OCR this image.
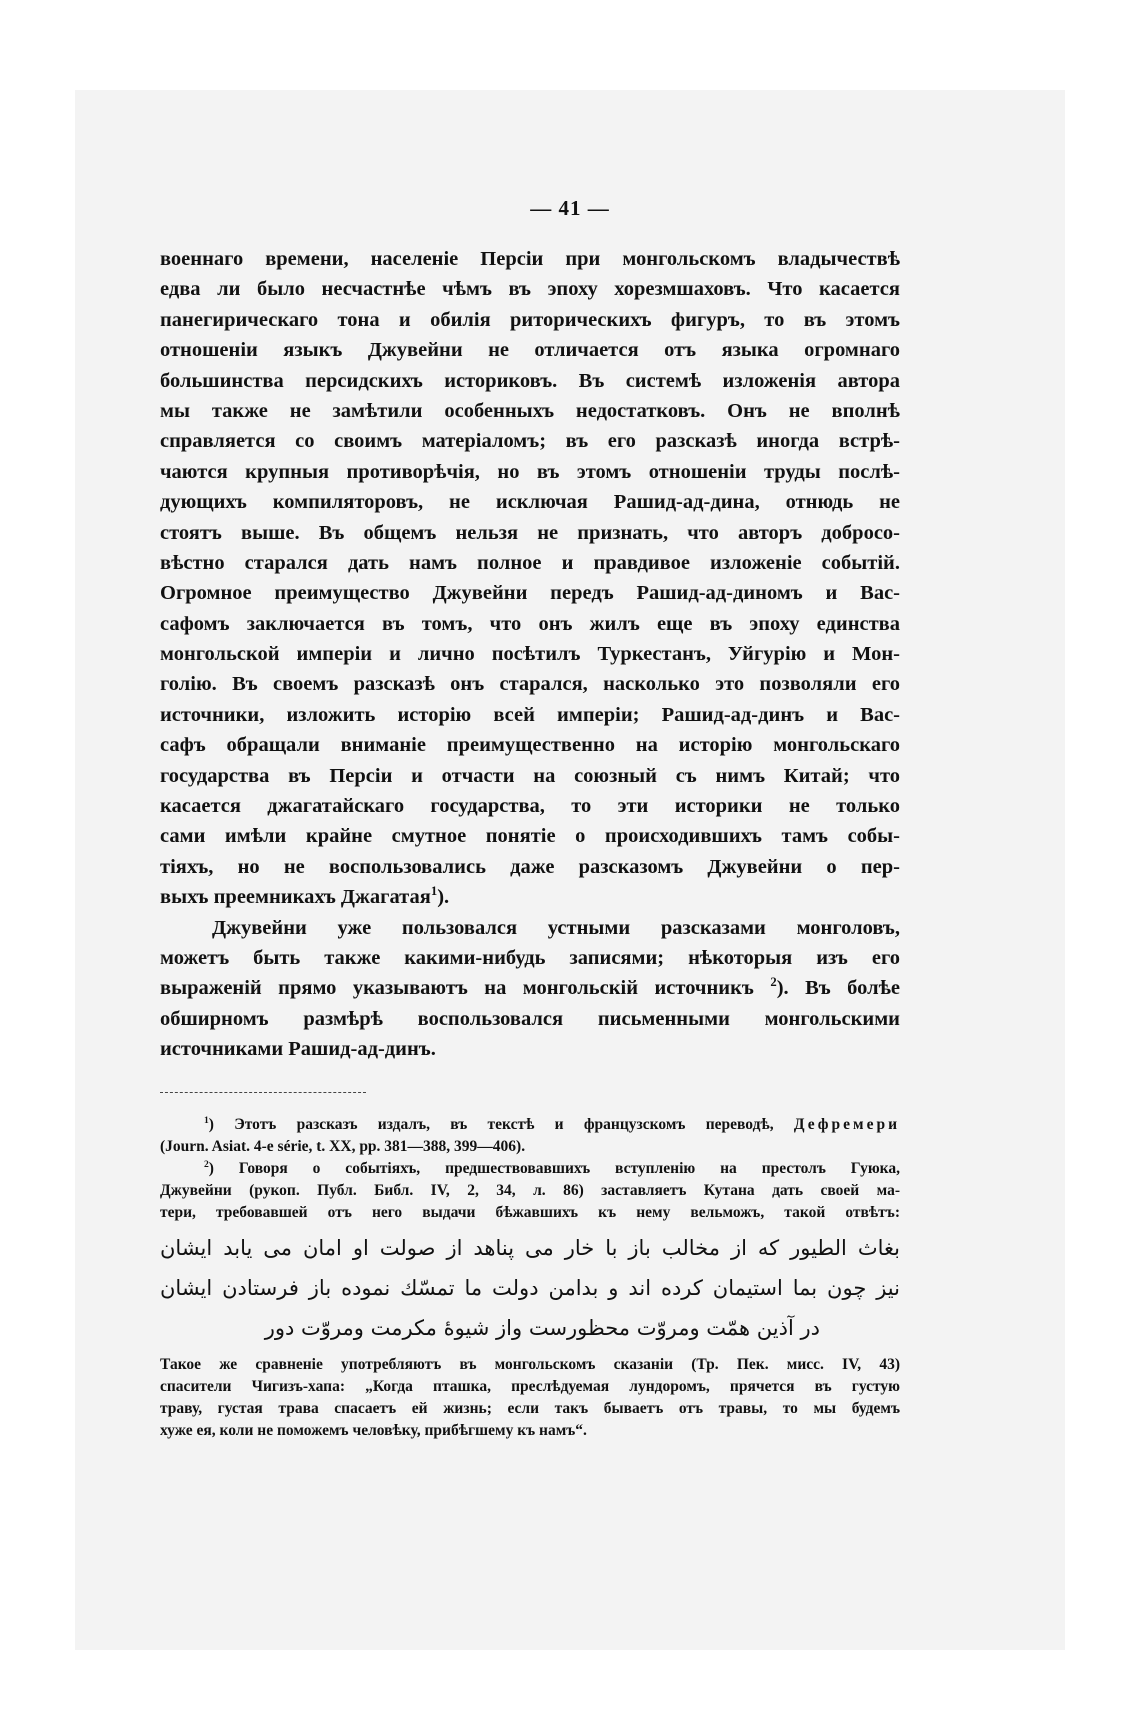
— 41 —
военнаго времени, населеніе Персіи при монгольскомъ владычествѣ
едва ли было несчастнѣе чѣмъ въ эпоху хорезмшаховъ. Что касается
панегирическаго тона и обилія риторическихъ фигуръ, то въ этомъ
отношеніи языкъ Джувейни не отличается отъ языка огромнаго
большинства персидскихъ историковъ. Въ системѣ изложенія автора
мы также не замѣтили особенныхъ недостатковъ. Онъ не вполнѣ
справляется со своимъ матеріаломъ; въ его разсказѣ иногда встрѣ-
чаются крупныя противорѣчія, но въ этомъ отношеніи труды послѣ-
дующихъ компиляторовъ, не исключая Рашид-ад-дина, отнюдь не
стоятъ выше. Въ общемъ нельзя не признать, что авторъ добросо-
вѣстно старался дать намъ полное и правдивое изложеніе событій.
Огромное преимущество Джувейни передъ Рашид-ад-диномъ и Вас-
сафомъ заключается въ томъ, что онъ жилъ еще въ эпоху единства
монгольской имперіи и лично посѣтилъ Туркестанъ, Уйгурію и Мон-
голію. Въ своемъ разсказѣ онъ старался, насколько это позволяли его
источники, изложить исторію всей имперіи; Рашид-ад-динъ и Вас-
сафъ обращали вниманіе преимущественно на исторію монгольскаго
государства въ Персіи и отчасти на союзный съ нимъ Китай; что
касается джагатайскаго государства, то эти историки не только
сами имѣли крайне смутное понятіе о происходившихъ тамъ собы-
тіяхъ, но не воспользовались даже разсказомъ Джувейни о пер-
выхъ преемникахъ Джагатая$^1$).
Джувейни уже пользовался устными разсказами монголовъ,
можетъ быть также какими-нибудь записями; нѣкоторыя изъ его
выраженій прямо указываютъ на монгольскій источникъ $^2$). Въ болѣе
обширномъ размѣрѣ воспользовался письменными монгольскими
источниками Рашид-ад-динъ.
$^1$) Этотъ разсказъ издалъ, въ текстѣ и французскомъ переводѣ, Дефремери
(Journ. Asiat. 4-e série, t. XX, pp. 381—388, 399—406).
$^2$) Говоря о событіяхъ, предшествовавшихъ вступленію на престолъ Гуюка,
Джувейни (рукоп. Публ. Библ. IV, 2, 34, л. 86) заставляетъ Кутана дать своей ма-
тери, требовавшей отъ него выдачи бѣжавшихъ къ нему вельможъ, такой отвѣтъ:
بغاث الطيور كه از مخالب باز با خار مى پناهد از صولت او امان مى يابد ايشان
نيز چون بما استيمان كرده اند و بدامن دولت ما تمسّك نموده باز فرستادن ايشان
در آذين همّت ومروّت محظورست واز شيوهٔ مكرمت ومروّت دور
Такое же сравненіе употребляютъ въ монгольскомъ сказаніи (Тр. Пек. мисс. IV, 43)
спасители Чигизъ-хапа: „Когда пташка, преслѣдуемая лундоромъ, прячется въ густую
траву, густая трава спасаетъ ей жизнь; если такъ бываетъ отъ травы, то мы будемъ
хуже ея, коли не поможемъ человѣку, прибѣгшему къ намъ“.
